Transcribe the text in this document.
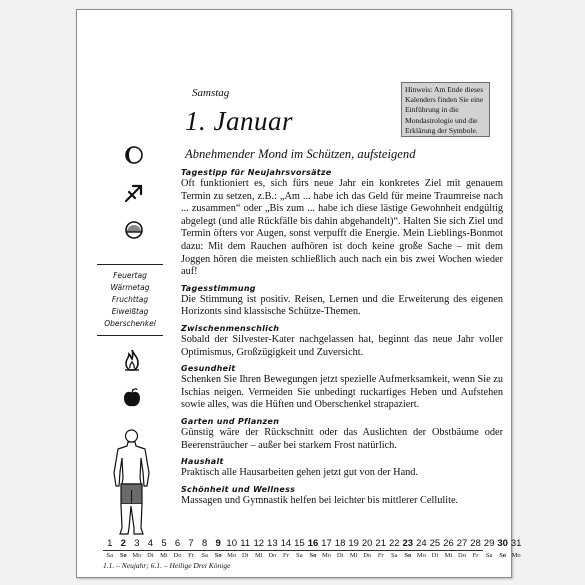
Samstag
1. Januar
Abnehmender Mond im Schützen, aufsteigend
Hinweis: Am Ende dieses Kalenders finden Sie eine Einführung in die Mondastrologie und die Erklärung der Symbole.
Feuertag
Wärmetag
Fruchttag
Eiweißtag
Oberschenkel

Tagestipp für Neujahrsvorsätze

Oft funktioniert es, sich fürs neue Jahr ein konkretes Ziel mit genauem Termin zu setzen, z.B.: „Am ... habe ich das Geld für meine Traumreise nach ... zusammen“ oder „Bis zum ... habe ich diese lästige Gewohnheit endgültig abgelegt (und alle Rückfälle bis dahin abgehandelt)“. Halten Sie sich Ziel und Termin öfters vor Augen, sonst verpufft die Energie. Mein Lieblings-Bonmot dazu: Mit dem Rauchen aufhören ist doch keine große Sache – mit dem Joggen hören die meisten schließlich auch nach ein bis zwei Wochen wieder auf!

Tagesstimmung

Die Stimmung ist positiv. Reisen, Lernen und die Erweiterung des eigenen Horizonts sind klassische Schütze-Themen.

Zwischenmenschlich

Sobald der Silvester-Kater nachgelassen hat, beginnt das neue Jahr voller Optimismus, Großzügigkeit und Zuversicht.

Gesundheit

Schenken Sie Ihren Bewegungen jetzt spezielle Aufmerksamkeit, wenn Sie zu Ischias neigen. Vermeiden Sie unbedingt ruckartiges Heben und Aufstehen sowie alles, was die Hüften und Oberschenkel strapaziert.

Garten und Pflanzen

Günstig wäre der Rückschnitt oder das Auslichten der Obstbäume oder Beerensträucher – außer bei starkem Frost natürlich.

Haushalt

Praktisch alle Hausarbeiten gehen jetzt gut von der Hand.

Schönheit und Wellness

Massagen und Gymnastik helfen bei leichter bis mittlerer Cellulite.

1 2 3 4 5 6 7 8 9 10 11 12 13 14 15 16 17 18 19 20 21 22 23 24 25 26 27 28 29 30 31
Sa	So Mo Di	Mi Do	Fr	Sa	So Mo Di	Mi Do	Fr	Sa	So Mo Di	Mi Do	Fr	Sa	So Mo Di	Mi Do	Fr	Sa	So Mo
1.1. – Neujahr; 6.1. – Heilige Drei Könige
